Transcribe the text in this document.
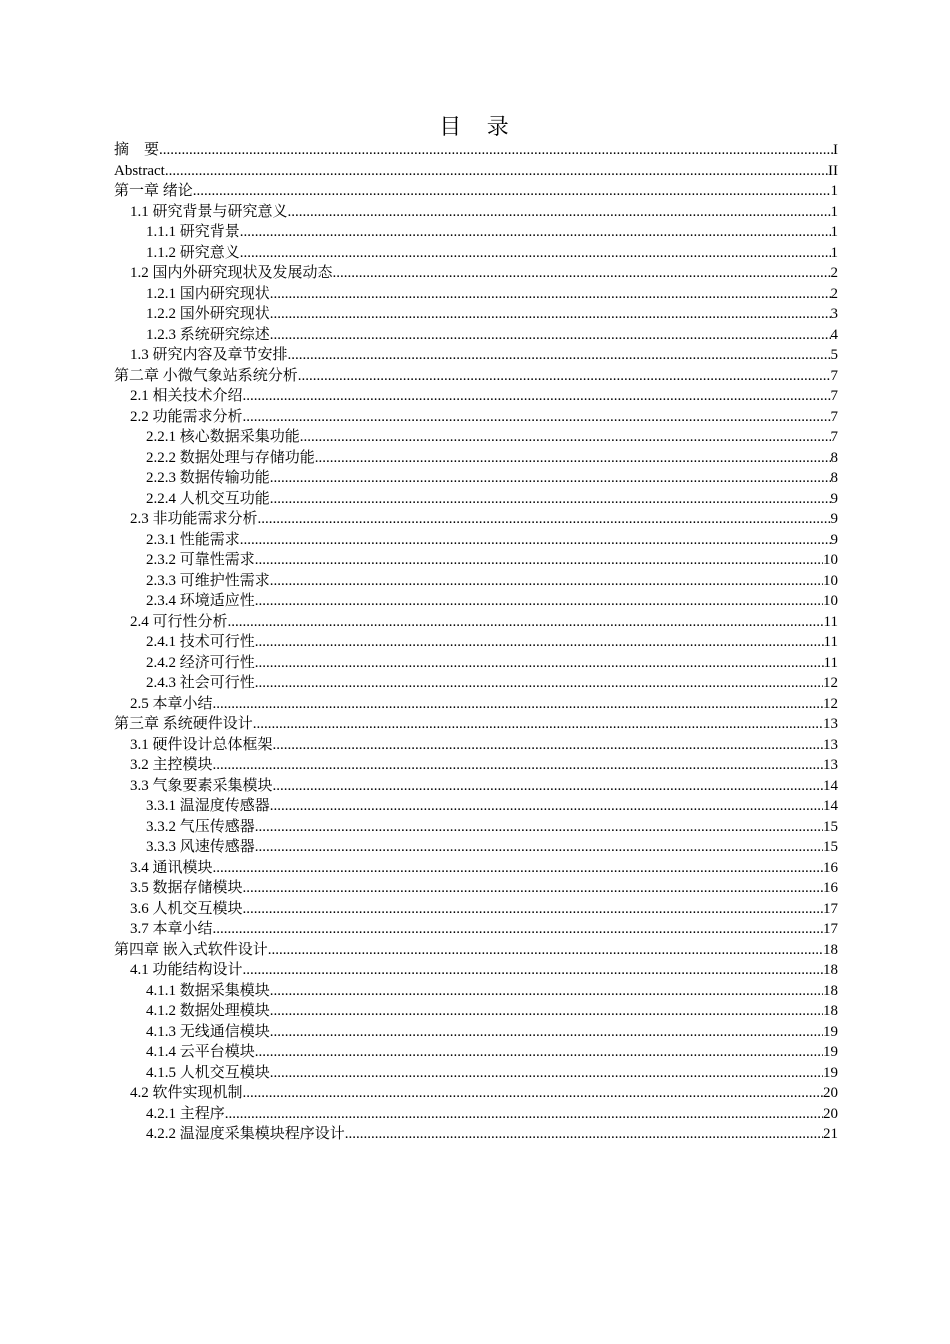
目 录
摘　要 .....	I
Abstract .....	II
第一章 绪论 .....	1
1.1 研究背景与研究意义 .....	1
1.1.1 研究背景 .....	1
1.1.2 研究意义 .....	1
1.2 国内外研究现状及发展动态 .....	2
1.2.1 国内研究现状 .....	2
1.2.2 国外研究现状 .....	3
1.2.3 系统研究综述 .....	4
1.3 研究内容及章节安排 .....	5
第二章 小微气象站系统分析 .....	7
2.1 相关技术介绍 .....	7
2.2 功能需求分析 .....	7
2.2.1 核心数据采集功能 .....	7
2.2.2 数据处理与存储功能 .....	8
2.2.3 数据传输功能 .....	8
2.2.4 人机交互功能 .....	9
2.3 非功能需求分析 .....	9
2.3.1 性能需求 .....	9
2.3.2 可靠性需求 .....	10
2.3.3 可维护性需求 .....	10
2.3.4 环境适应性 .....	10
2.4 可行性分析 .....	11
2.4.1 技术可行性 .....	11
2.4.2 经济可行性 .....	11
2.4.3 社会可行性 .....	12
2.5 本章小结 .....	12
第三章 系统硬件设计 .....	13
3.1 硬件设计总体框架 .....	13
3.2 主控模块 .....	13
3.3 气象要素采集模块 .....	14
3.3.1 温湿度传感器 .....	14
3.3.2 气压传感器 .....	15
3.3.3 风速传感器 .....	15
3.4 通讯模块 .....	16
3.5 数据存储模块 .....	16
3.6 人机交互模块 .....	17
3.7 本章小结 .....	17
第四章 嵌入式软件设计 .....	18
4.1 功能结构设计 .....	18
4.1.1 数据采集模块 .....	18
4.1.2 数据处理模块 .....	18
4.1.3 无线通信模块 .....	19
4.1.4 云平台模块 .....	19
4.1.5 人机交互模块 .....	19
4.2 软件实现机制 .....	20
4.2.1 主程序 .....	20
4.2.2 温湿度采集模块程序设计 .....	21
